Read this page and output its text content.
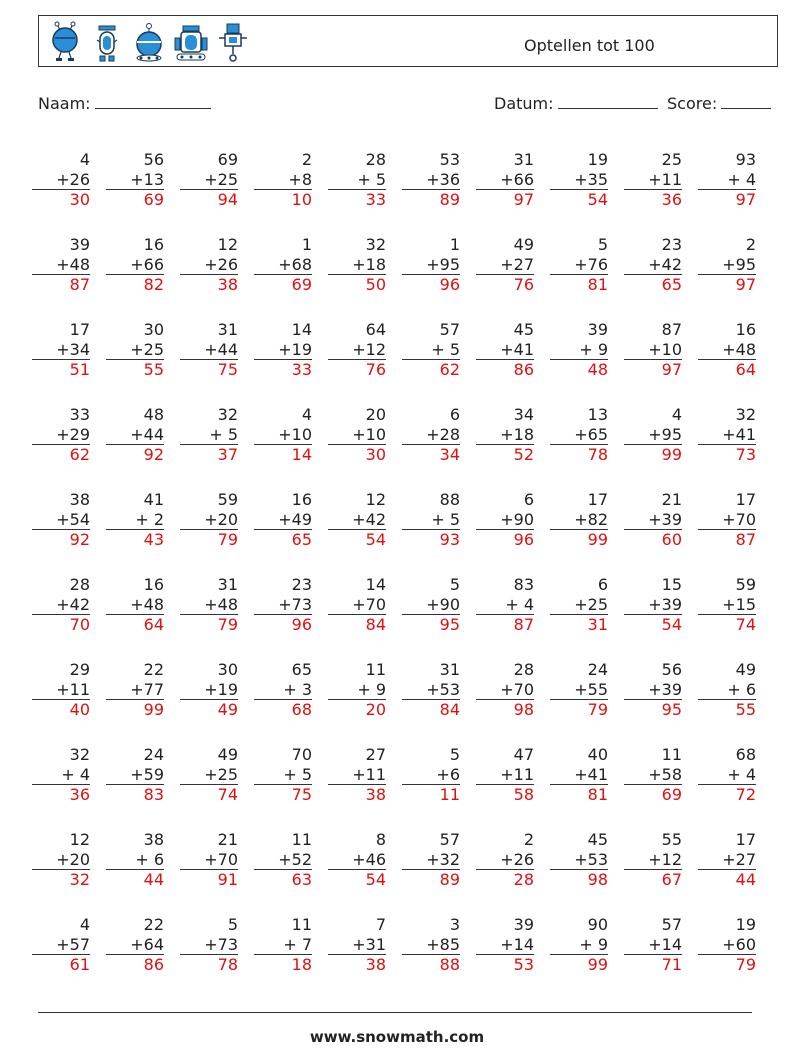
Optellen tot 100
Naam:	Datum:	Score:
4
+26
30
56
+13
69
69
+25
94
2
+8
10
28
+ 5
33
53
+36
89
31
+66
97
19
+35
54
25
+11
36
93
+ 4
97
39
+48
87
16
+66
82
12
+26
38
1
+68
69
32
+18
50
1
+95
96
49
+27
76
5
+76
81
23
+42
65
2
+95
97
17
+34
51
30
+25
55
31
+44
75
14
+19
33
64
+12
76
57
+ 5
62
45
+41
86
39
+ 9
48
87
+10
97
16
+48
64
33
+29
62
48
+44
92
32
+ 5
37
4
+10
14
20
+10
30
6
+28
34
34
+18
52
13
+65
78
4
+95
99
32
+41
73
38
+54
92
41
+ 2
43
59
+20
79
16
+49
65
12
+42
54
88
+ 5
93
6
+90
96
17
+82
99
21
+39
60
17
+70
87
28
+42
70
16
+48
64
31
+48
79
23
+73
96
14
+70
84
5
+90
95
83
+ 4
87
6
+25
31
15
+39
54
59
+15
74
29
+11
40
22
+77
99
30
+19
49
65
+ 3
68
11
+ 9
20
31
+53
84
28
+70
98
24
+55
79
56
+39
95
49
+ 6
55
32
+ 4
36
24
+59
83
49
+25
74
70
+ 5
75
27
+11
38
5
+6
11
47
+11
58
40
+41
81
11
+58
69
68
+ 4
72
12
+20
32
38
+ 6
44
21
+70
91
11
+52
63
8
+46
54
57
+32
89
2
+26
28
45
+53
98
55
+12
67
17
+27
44
4
+57
61
22
+64
86
5
+73
78
11
+ 7
18
7
+31
38
3
+85
88
39
+14
53
90
+ 9
99
57
+14
71
19
+60
79
www.snowmath.com
